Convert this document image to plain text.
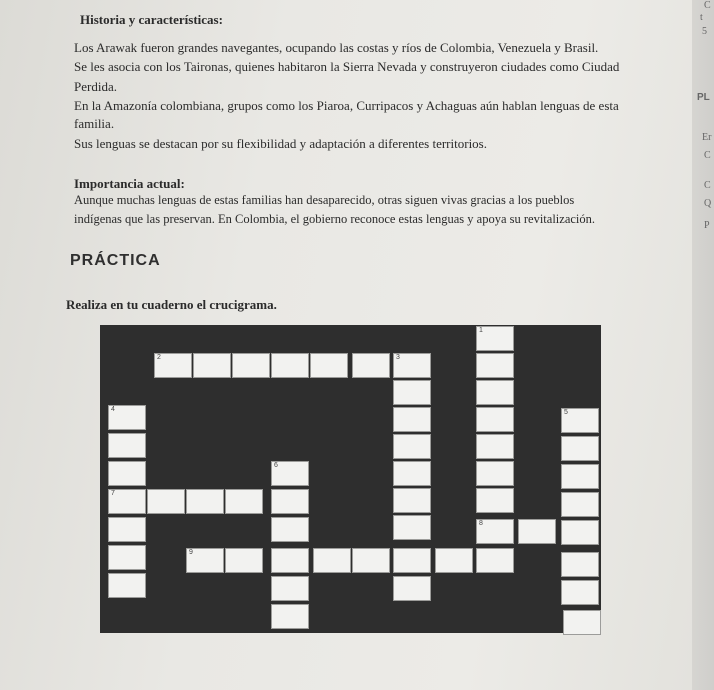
Historia y características:
Los Arawak fueron grandes navegantes, ocupando las costas y ríos de Colombia, Venezuela y Brasil.
Se les asocia con los Taironas, quienes habitaron la Sierra Nevada y construyeron ciudades como Ciudad
Perdida.
En la Amazonía colombiana, grupos como los Piaroa, Curripacos y Achaguas aún hablan lenguas de esta
familia.
Sus lenguas se destacan por su flexibilidad y adaptación a diferentes territorios.
Importancia actual:
Aunque muchas lenguas de estas familias han desaparecido, otras siguen vivas gracias a los pueblos
indígenas que las preservan. En Colombia, el gobierno reconoce estas lenguas y apoya su revitalización.
PRÁCTICA
Realiza en tu cuaderno el crucigrama.
2	3
1
8
4
7
6
9
5
C
t
5
PL
Er
C
C
Q
P
